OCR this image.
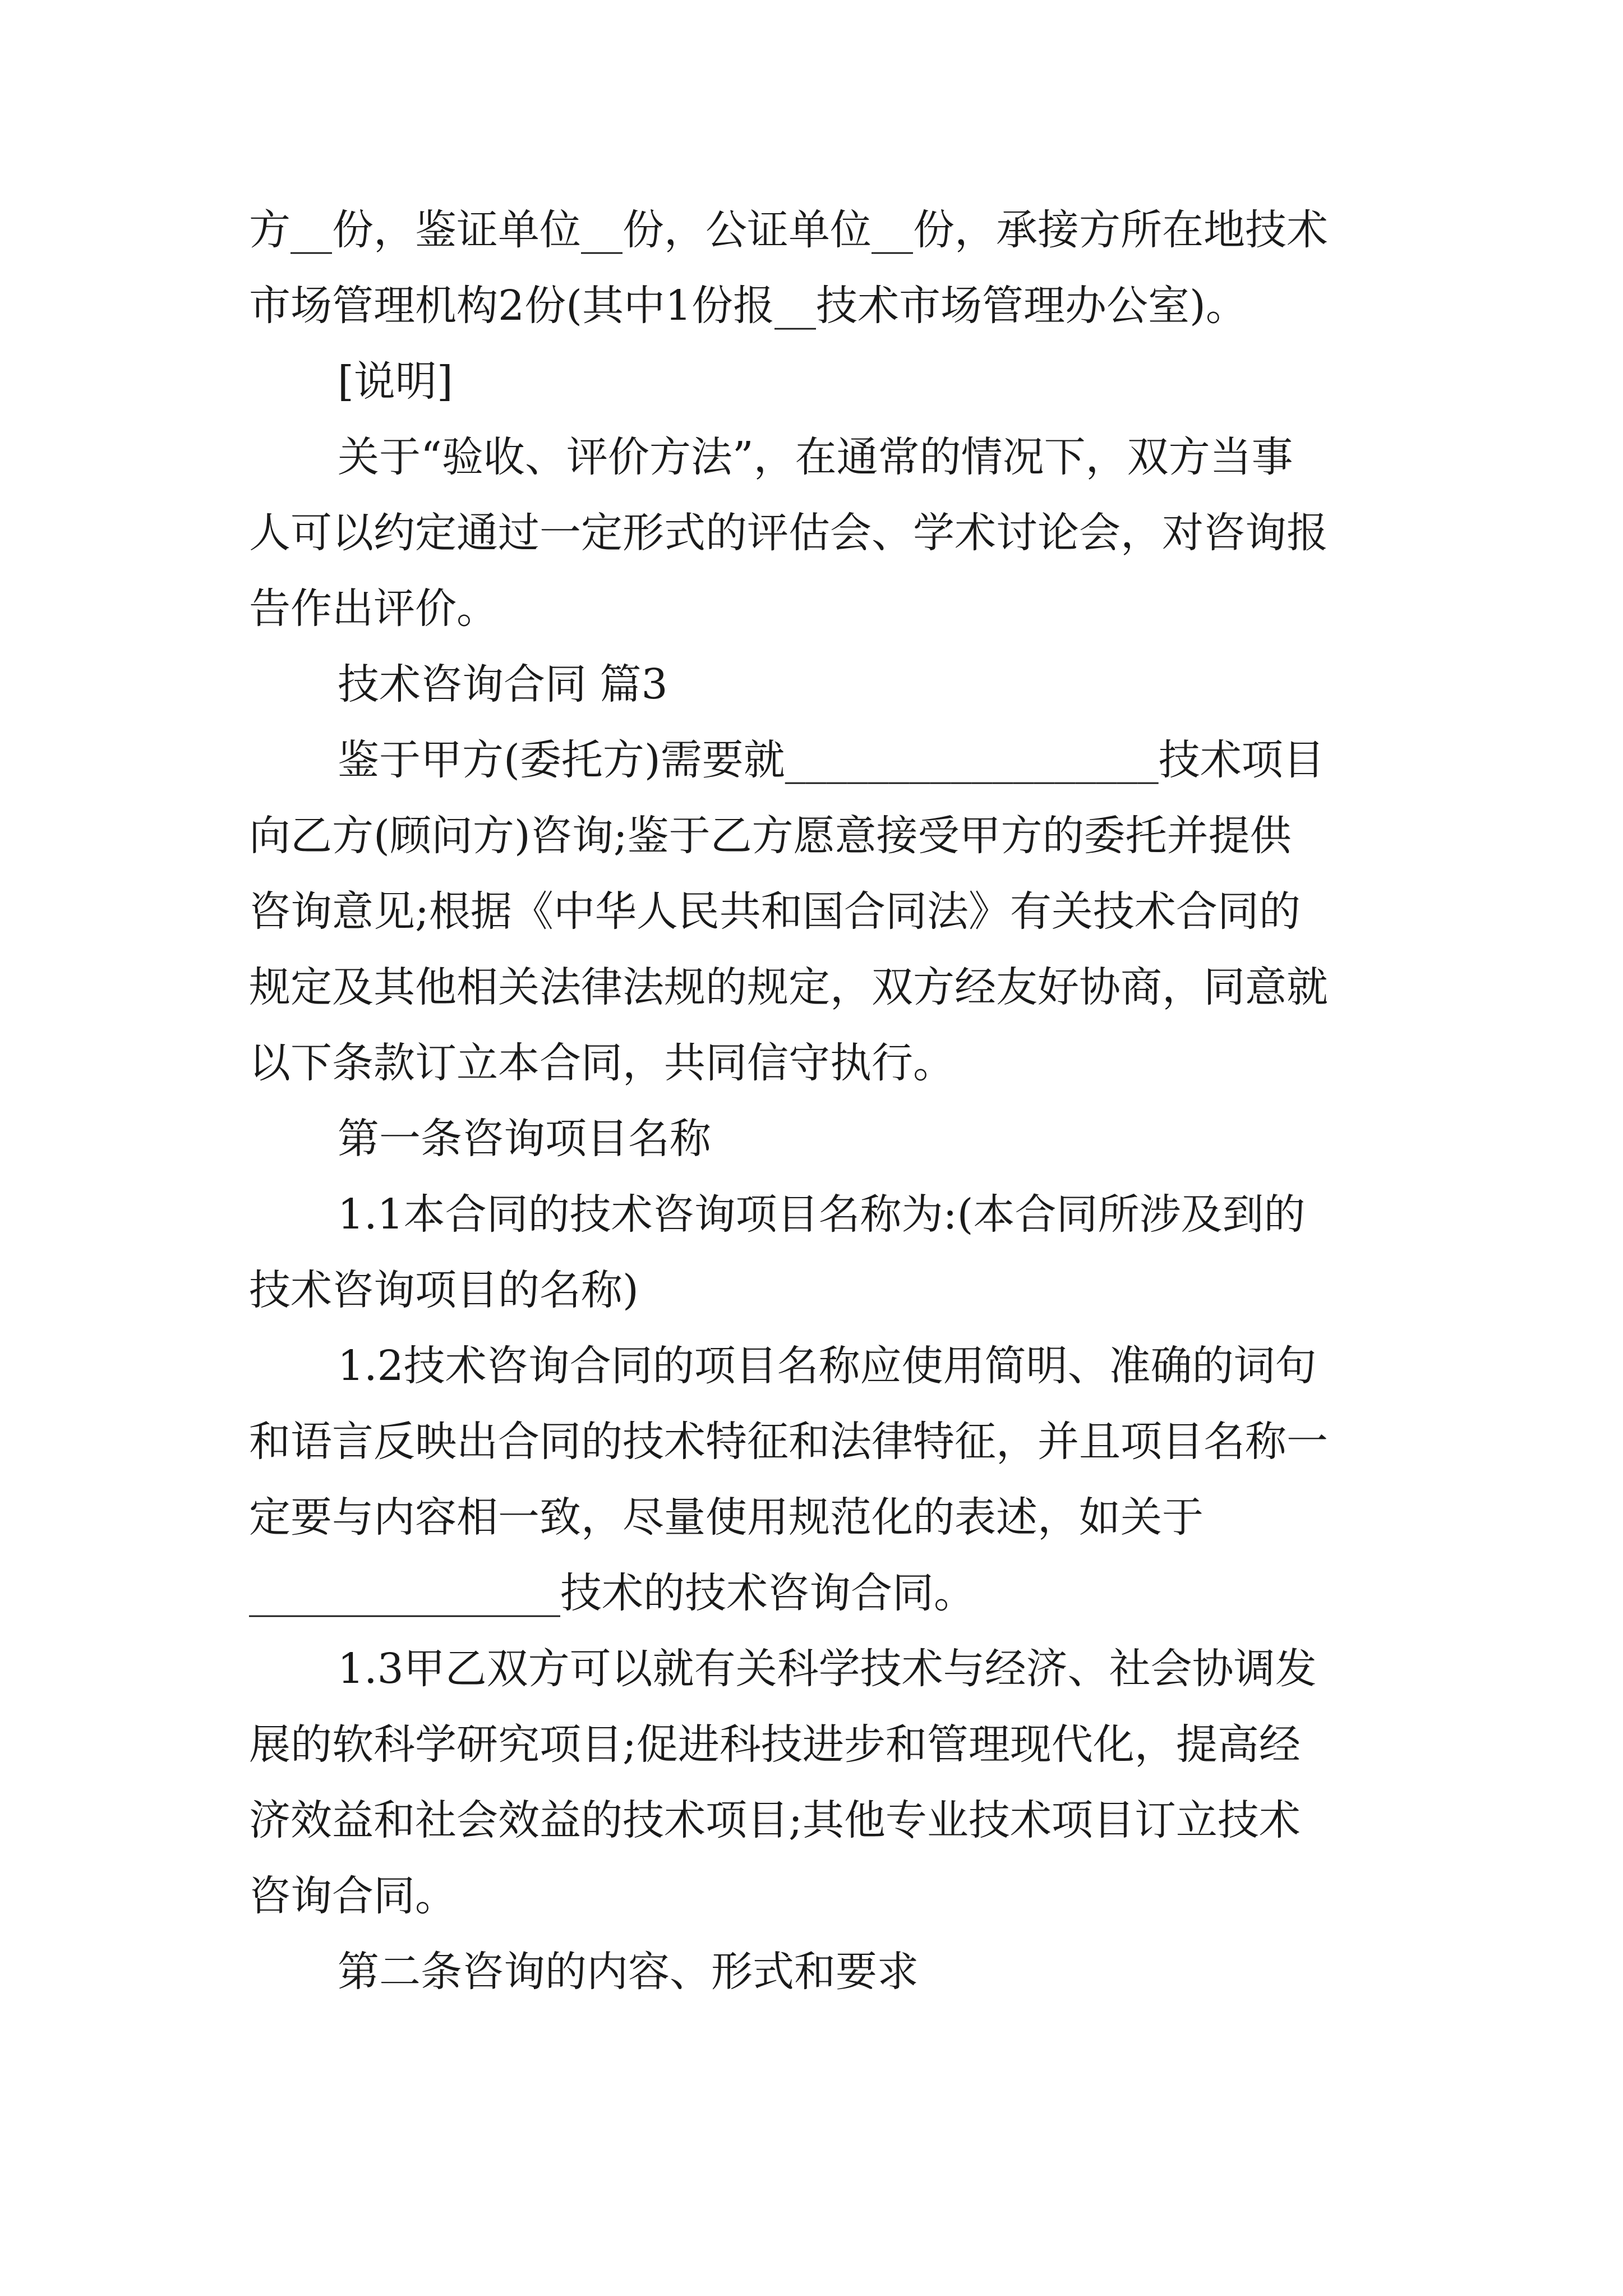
方__份，鉴证单位__份，公证单位__份，承接方所在地技术
市场管理机构2份(其中1份报__技术市场管理办公室)。
[说明]
关于“验收、评价方法”，在通常的情况下，双方当事
人可以约定通过一定形式的评估会、学术讨论会，对咨询报
告作出评价。
技术咨询合同 篇3
鉴于甲方(委托方)需要就__________________技术项目
向乙方(顾问方)咨询;鉴于乙方愿意接受甲方的委托并提供
咨询意见;根据《中华人民共和国合同法》有关技术合同的
规定及其他相关法律法规的规定，双方经友好协商，同意就
以下条款订立本合同，共同信守执行。
第一条咨询项目名称
1.1本合同的技术咨询项目名称为:(本合同所涉及到的
技术咨询项目的名称)
1.2技术咨询合同的项目名称应使用简明、准确的词句
和语言反映出合同的技术特征和法律特征，并且项目名称一
定要与内容相一致，尽量使用规范化的表述，如关于
_______________技术的技术咨询合同。
1.3甲乙双方可以就有关科学技术与经济、社会协调发
展的软科学研究项目;促进科技进步和管理现代化，提高经
济效益和社会效益的技术项目;其他专业技术项目订立技术
咨询合同。
第二条咨询的内容、形式和要求
